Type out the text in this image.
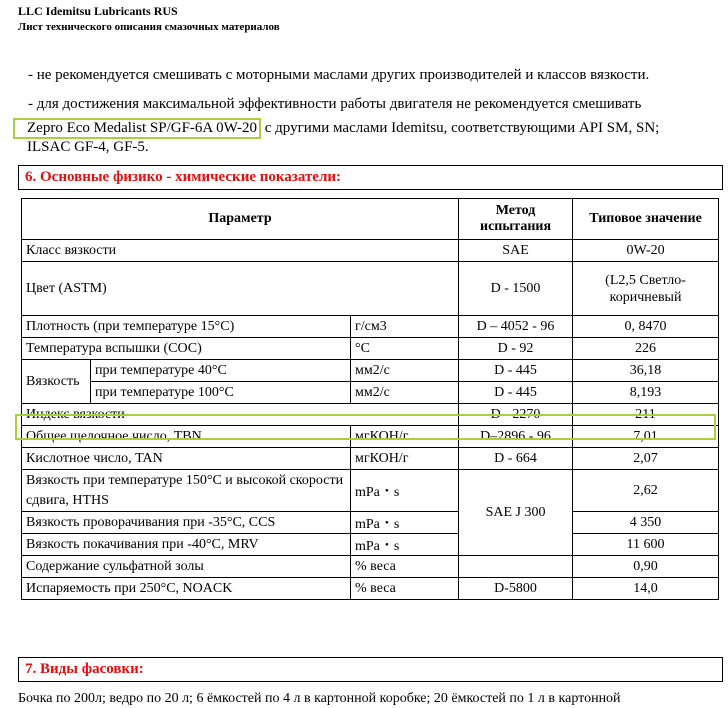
LLC Idemitsu Lubricants RUS
Лист технического описания смазочных материалов
- не рекомендуется смешивать с моторными маслами других производителей и классов вязкости.
- для достижения максимальной эффективности работы двигателя не рекомендуется смешивать
Zepro Eco Medalist SP/GF-6A 0W-20 с другими маслами Idemitsu, соответствующими API SM, SN;
ILSAC GF-4, GF-5.
6. Основные физико - химические показатели:
Параметр			Метод испытания	Типовое значение
Класс вязкости			SAE	0W-20
Цвет (ASTM)			D - 1500	(L2,5 Светло-коричневый
Плотность (при температуре 15°С)		г/см3	D – 4052 - 96	0, 8470
Температура вспышки (СОС)		°С	D - 92	226
Вязкость	при температуре 40°С	мм2/с	D - 445	36,18
	при температуре 100°С	мм2/с	D - 445	8,193
Индекс вязкости			D - 2270	211
Общее щелочное число, TBN		мгКОН/г	D–2896 - 96	7,01
Кислотное число, TAN		мгКОН/г	D - 664	2,07
Вязкость при температуре 150°С и высокой скорости сдвига, HTHS		mPa・s	SAE J 300	2,62
Вязкость проворачивания при -35°С, CCS		mPa・s		4 350
Вязкость покачивания при -40°С, MRV		mPa・s		11 600
Содержание сульфатной золы		% веса		0,90
Испаряемость при 250°С, NOACK		% веса	D-5800	14,0
7. Виды фасовки:
Бочка по 200л; ведро по 20 л; 6 ёмкостей по 4 л в картонной коробке; 20 ёмкостей по 1 л в картонной
